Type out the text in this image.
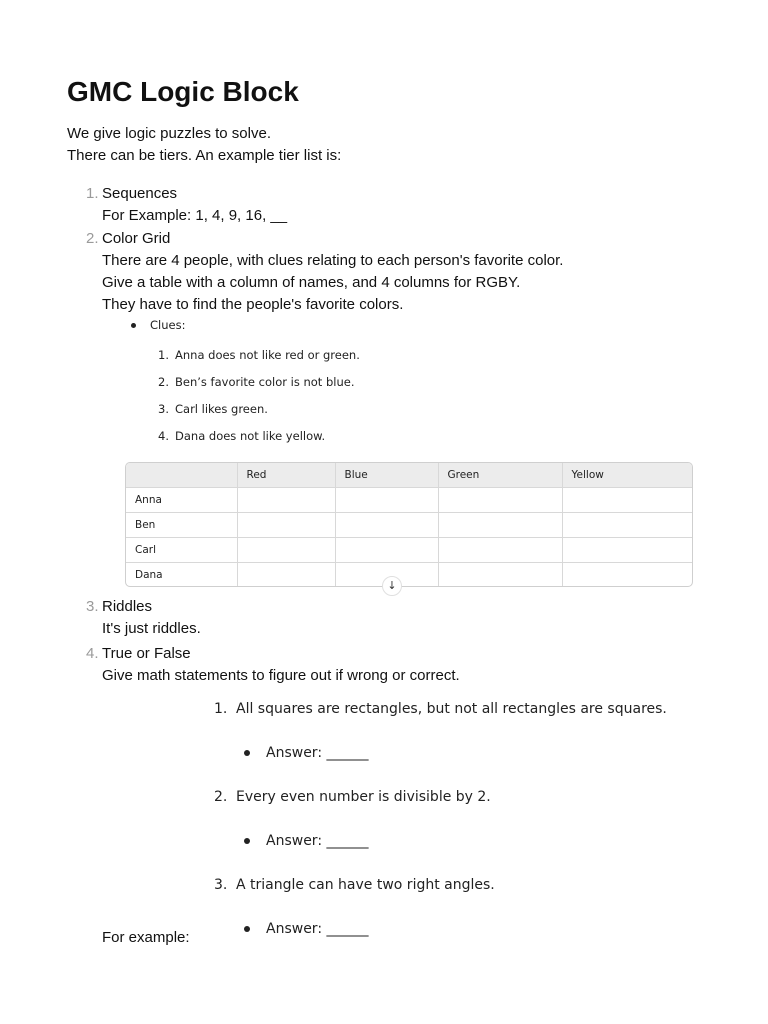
GMC Logic Block
We give logic puzzles to solve.
There can be tiers. An example tier list is:
1. Sequences
For Example: 1, 4, 9, 16, __
2. Color Grid
There are 4 people, with clues relating to each person's favorite color.
Give a table with a column of names, and 4 columns for RGBY.
They have to find the people's favorite colors.
Clues:
1. Anna does not like red or green.
2. Ben’s favorite color is not blue.
3. Carl likes green.
4. Dana does not like yellow.
	Red	Blue	Green	Yellow
Anna				
Ben				
Carl				
Dana				
↓
3. Riddles
It's just riddles.
4. True or False
Give math statements to figure out if wrong or correct.
1. All squares are rectangles, but not all rectangles are squares.
Answer: ______
2. Every even number is divisible by 2.
Answer: ______
3. A triangle can have two right angles.
Answer: ______
For example:
